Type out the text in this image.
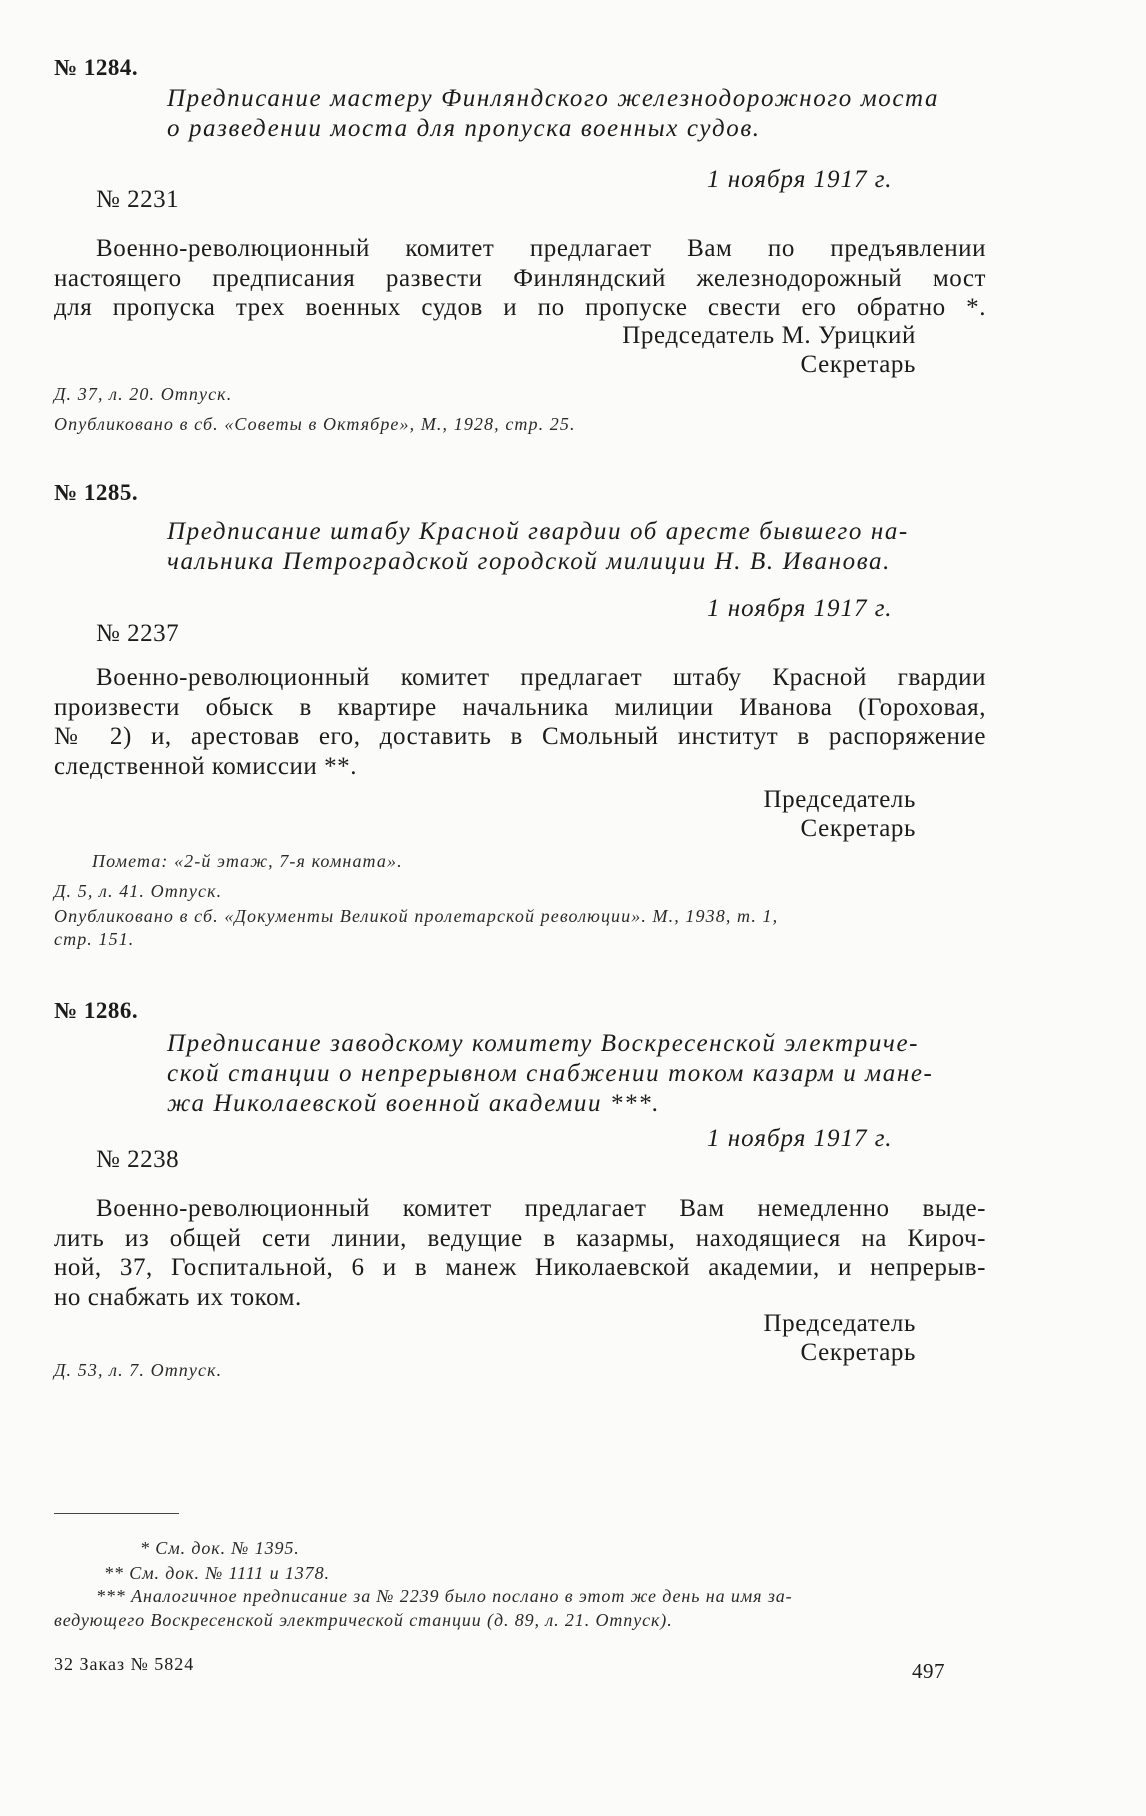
№ 1284.
Предписание мастеру Финляндского железнодорожного моста
о разведении моста для пропуска военных судов.
1 ноября 1917 г.
№ 2231
Военно-революционный комитет предлагает Вам по предъявлении
настоящего предписания развести Финляндский железнодорожный мост
для пропуска трех военных судов и по пропуске свести его обратно *.
Председатель М. Урицкий
Секретарь
Д. 37, л. 20. Отпуск.
Опубликовано в сб. «Советы в Октябре», М., 1928, стр. 25.
№ 1285.
Предписание штабу Красной гвардии об аресте бывшего на-
чальника Петроградской городской милиции Н. В. Иванова.
1 ноября 1917 г.
№ 2237
Военно-революционный комитет предлагает штабу Красной гвардии
произвести обыск в квартире начальника милиции Иванова (Гороховая,
№ 2) и, арестовав его, доставить в Смольный институт в распоряжение
следственной комиссии **.
Председатель
Секретарь
Помета: «2-й этаж, 7-я комната».
Д. 5, л. 41. Отпуск.
Опубликовано в сб. «Документы Великой пролетарской революции». М., 1938, т. 1,
стр. 151.
№ 1286.
Предписание заводскому комитету Воскресенской электриче-
ской станции о непрерывном снабжении током казарм и мане-
жа Николаевской военной академии ***.
1 ноября 1917 г.
№ 2238
Военно-революционный комитет предлагает Вам немедленно выде-
лить из общей сети линии, ведущие в казармы, находящиеся на Кироч-
ной, 37, Госпитальной, 6 и в манеж Николаевской академии, и непрерыв-
но снабжать их током.
Председатель
Секретарь
Д. 53, л. 7. Отпуск.
* См. док. № 1395.
** См. док. № 1111 и 1378.
*** Аналогичное предписание за № 2239 было послано в этот же день на имя за-
ведующего Воскресенской электрической станции (д. 89, л. 21. Отпуск).
32 Заказ № 5824	497
